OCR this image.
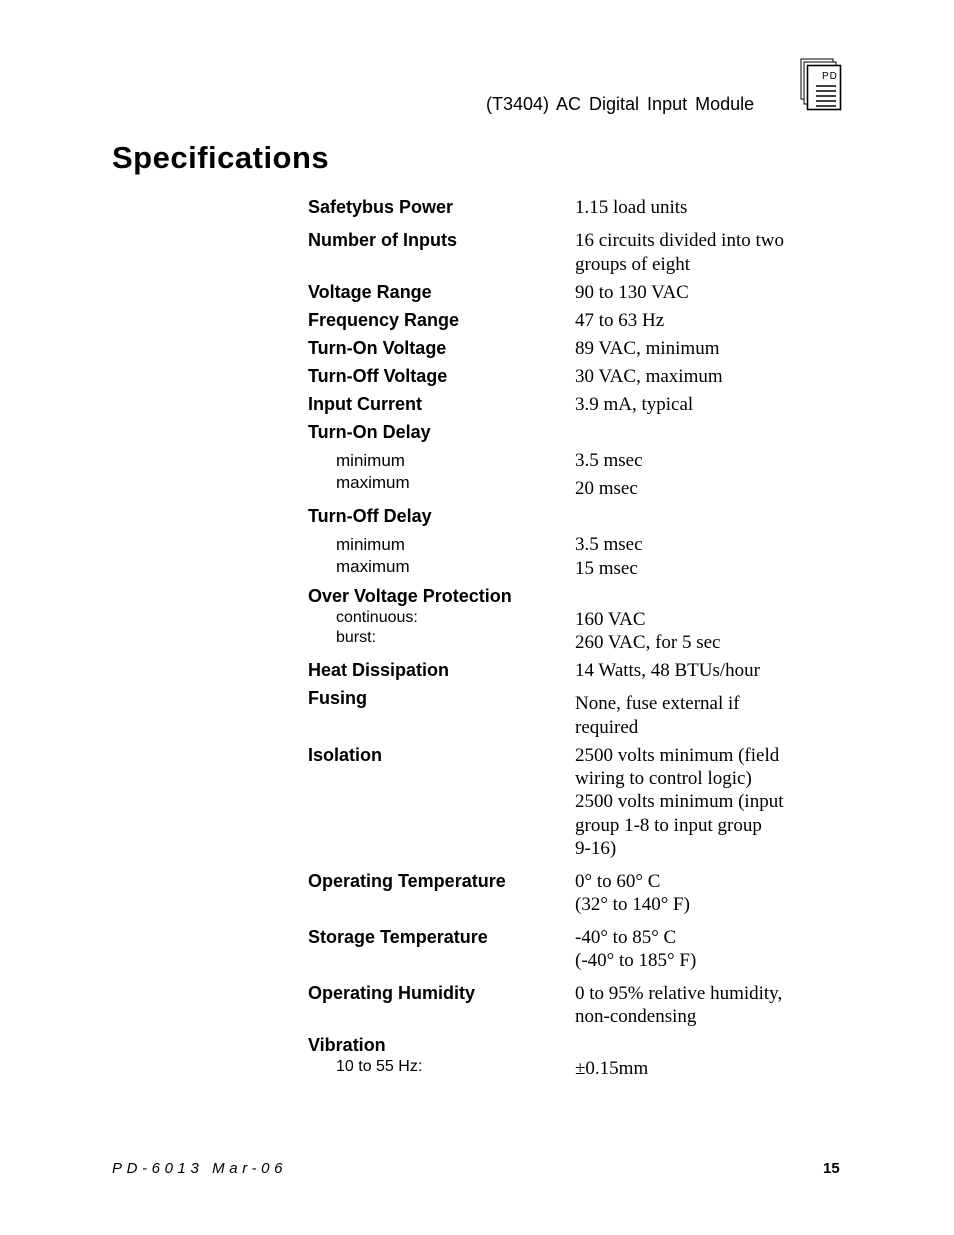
(T3404) AC Digital Input Module
PD
Specifications
Safetybus Power	1.15 load units
Number of Inputs	16 circuits divided into two
groups of eight
Voltage Range	90 to 130 VAC
Frequency Range	47 to 63 Hz
Turn-On Voltage	89 VAC, minimum
Turn-Off Voltage	30 VAC, maximum
Input Current	3.9 mA, typical
Turn-On Delay
minimum	3.5 msec
maximum	20 msec
Turn-Off Delay
minimum	3.5 msec
maximum	15 msec
Over Voltage Protection
continuous:	160 VAC
burst:	260 VAC, for 5 sec
Heat Dissipation	14 Watts, 48 BTUs/hour
Fusing	None, fuse external if
required
Isolation	2500 volts minimum (field
wiring to control logic)
2500 volts minimum (input
group 1-8 to input group
9-16)
Operating Temperature	0° to 60° C
(32° to 140° F)
Storage Temperature	-40° to 85° C
(-40° to 185° F)
Operating Humidity	0 to 95% relative humidity,
non-condensing
Vibration
10 to 55 Hz:	±0.15mm
PD-6013 Mar-06	15
